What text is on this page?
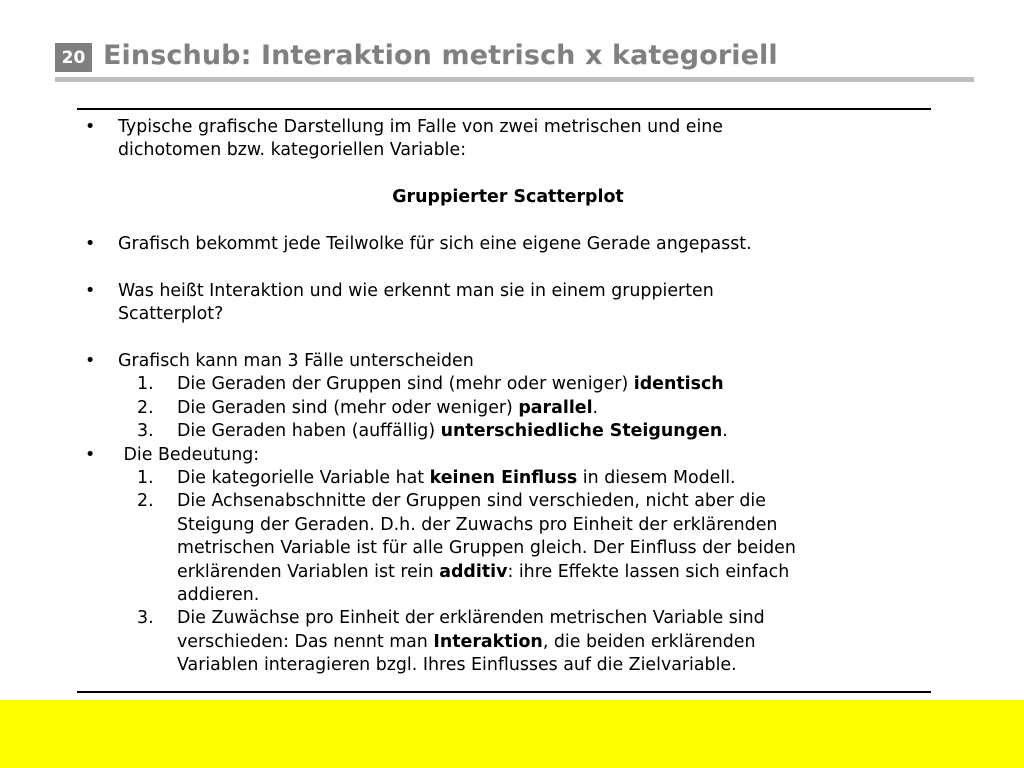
20 Einschub: Interaktion metrisch x kategoriell
• Typische grafische Darstellung im Falle von zwei metrischen und eine
dichotomen bzw. kategoriellen Variable:
Gruppierter Scatterplot
• Grafisch bekommt jede Teilwolke für sich eine eigene Gerade angepasst.
• Was heißt Interaktion und wie erkennt man sie in einem gruppierten
Scatterplot?
• Grafisch kann man 3 Fälle unterscheiden
1. Die Geraden der Gruppen sind (mehr oder weniger) identisch
2. Die Geraden sind (mehr oder weniger) parallel.
3. Die Geraden haben (auffällig) unterschiedliche Steigungen.
• Die Bedeutung:
1. Die kategorielle Variable hat keinen Einfluss in diesem Modell.
2. Die Achsenabschnitte der Gruppen sind verschieden, nicht aber die
Steigung der Geraden. D.h. der Zuwachs pro Einheit der erklärenden
metrischen Variable ist für alle Gruppen gleich. Der Einfluss der beiden
erklärenden Variablen ist rein additiv: ihre Effekte lassen sich einfach
addieren.
3. Die Zuwächse pro Einheit der erklärenden metrischen Variable sind
verschieden: Das nennt man Interaktion, die beiden erklärenden
Variablen interagieren bzgl. Ihres Einflusses auf die Zielvariable.
